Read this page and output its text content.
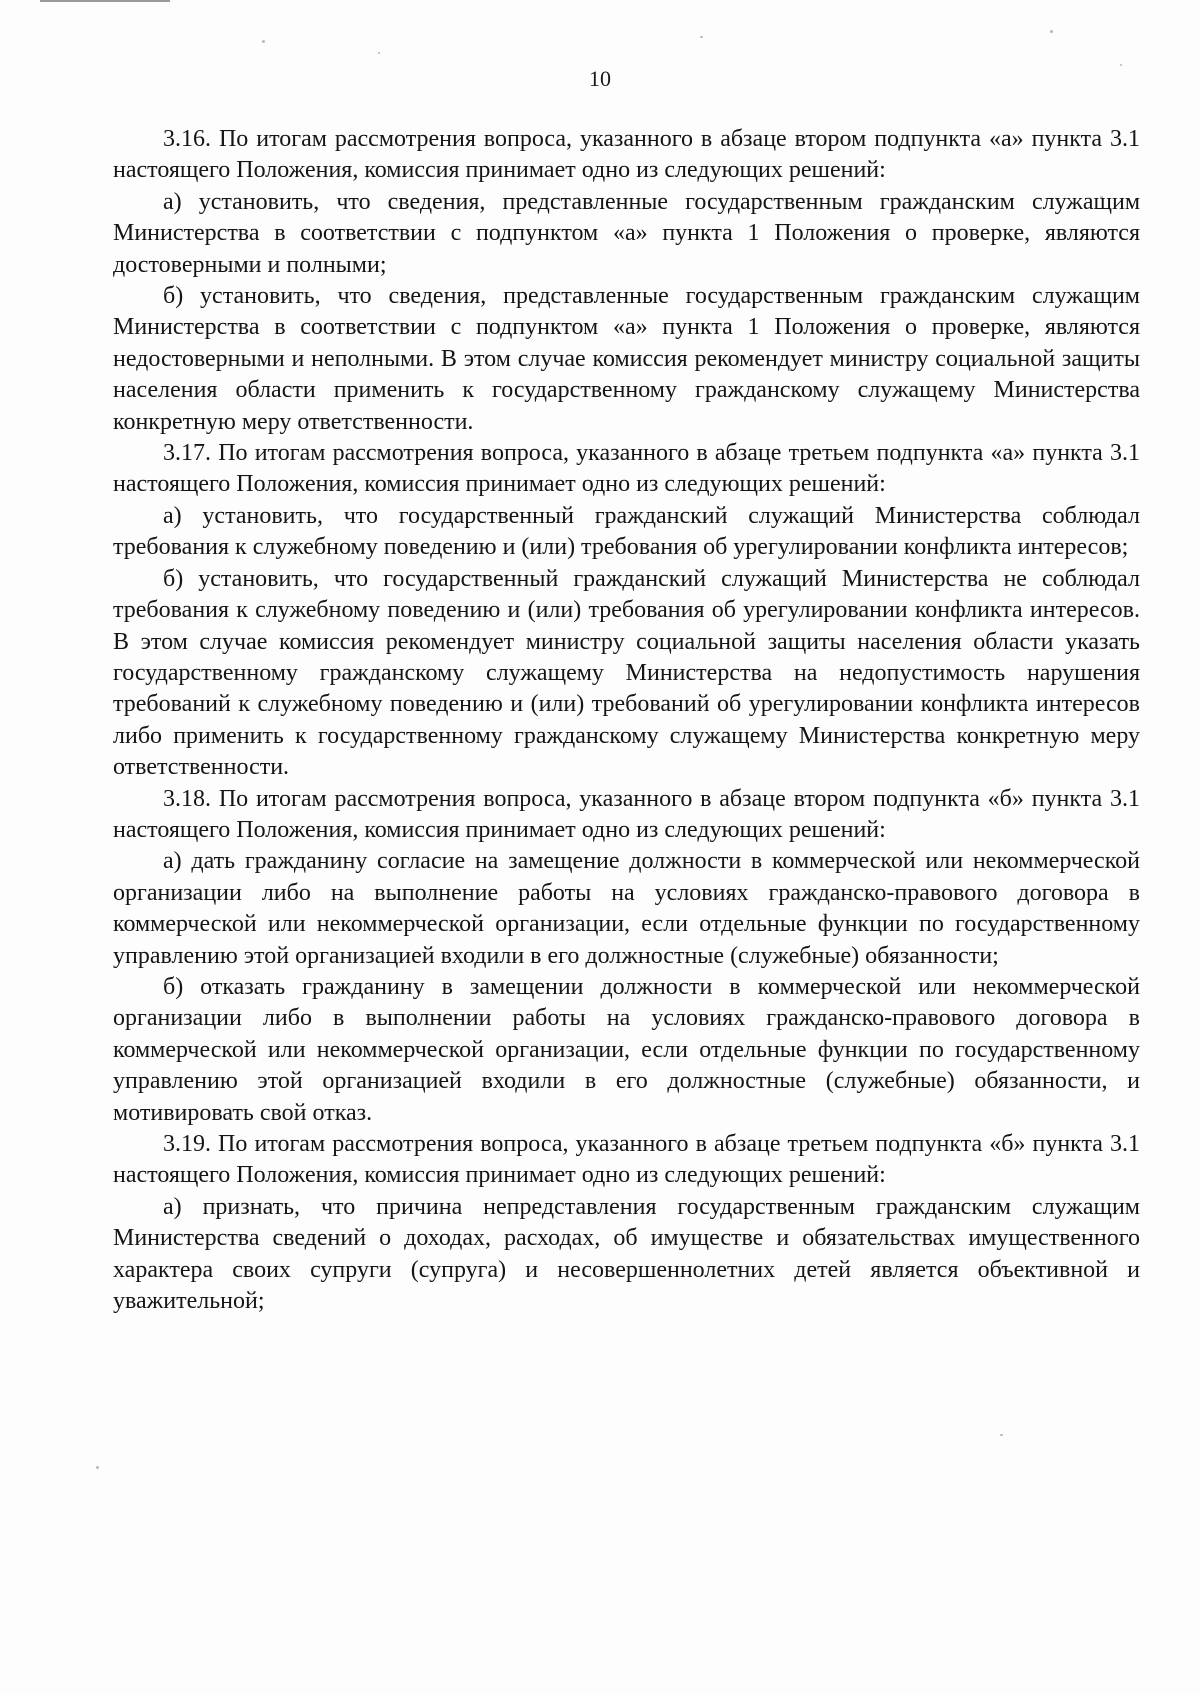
10

3.16. По итогам рассмотрения вопроса, указанного в абзаце втором подпункта «а» пункта 3.1 настоящего Положения, комиссия принимает одно из следующих решений:

а) установить, что сведения, представленные государственным гражданским служащим Министерства в соответствии с подпунктом «а» пункта 1 Положения о проверке, являются достоверными и полными;

б) установить, что сведения, представленные государственным гражданским служащим Министерства в соответствии с подпунктом «а» пункта 1 Положения о проверке, являются недостоверными и неполными. В этом случае комиссия рекомендует министру социальной защиты населения области применить к государственному гражданскому служащему Министерства конкретную меру ответственности.

3.17. По итогам рассмотрения вопроса, указанного в абзаце третьем подпункта «а» пункта 3.1 настоящего Положения, комиссия принимает одно из следующих решений:

а) установить, что государственный гражданский служащий Министерства соблюдал требования к служебному поведению и (или) требования об урегулировании конфликта интересов;

б) установить, что государственный гражданский служащий Министерства не соблюдал требования к служебному поведению и (или) требования об урегулировании конфликта интересов. В этом случае комиссия рекомендует министру социальной защиты населения области указать государственному гражданскому служащему Министерства на недопустимость нарушения требований к служебному поведению и (или) требований об урегулировании конфликта интересов либо применить к государственному гражданскому служащему Министерства конкретную меру ответственности.

3.18. По итогам рассмотрения вопроса, указанного в абзаце втором подпункта «б» пункта 3.1 настоящего Положения, комиссия принимает одно из следующих решений:

а) дать гражданину согласие на замещение должности в коммерческой или некоммерческой организации либо на выполнение работы на условиях гражданско-правового договора в коммерческой или некоммерческой организации, если отдельные функции по государственному управлению этой организацией входили в его должностные (служебные) обязанности;

б) отказать гражданину в замещении должности в коммерческой или некоммерческой организации либо в выполнении работы на условиях гражданско-правового договора в коммерческой или некоммерческой организации, если отдельные функции по государственному управлению этой организацией входили в его должностные (служебные) обязанности, и мотивировать свой отказ.

3.19. По итогам рассмотрения вопроса, указанного в абзаце третьем подпункта «б» пункта 3.1 настоящего Положения, комиссия принимает одно из следующих решений:

а) признать, что причина непредставления государственным гражданским служащим Министерства сведений о доходах, расходах, об имуществе и обязательствах имущественного характера своих супруги (супруга) и несовершеннолетних детей является объективной и уважительной;
